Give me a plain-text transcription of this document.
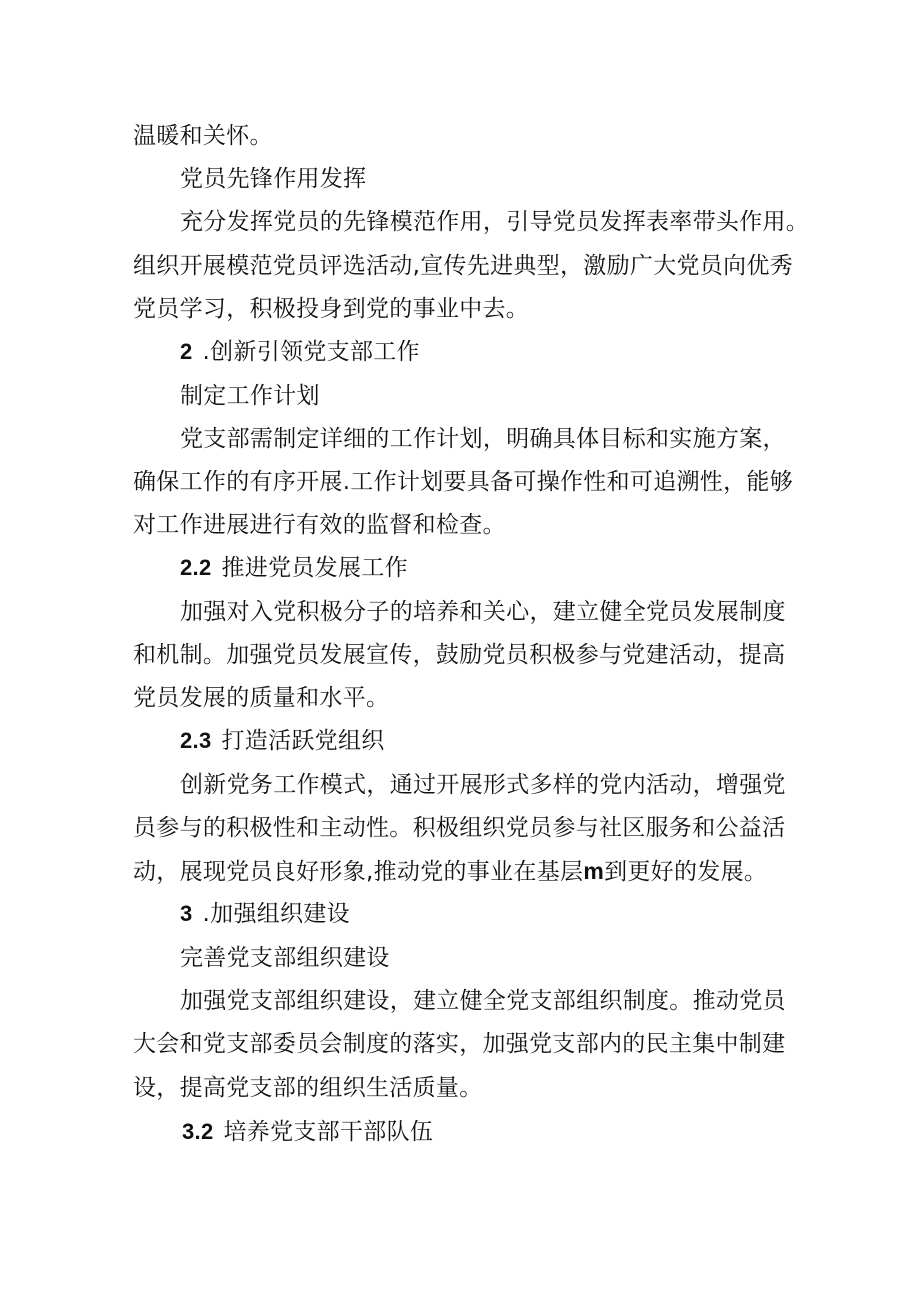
温暖和关怀。
党员先锋作用发挥
充分发挥党员的先锋模范作用，引导党员发挥表率带头作用。
组织开展模范党员评选活动,宣传先进典型，激励广大党员向优秀
党员学习，积极投身到党的事业中去。
2 .创新引领党支部工作
制定工作计划
党支部需制定详细的工作计划，明确具体目标和实施方案，
确保工作的有序开展.工作计划要具备可操作性和可追溯性，能够
对工作进展进行有效的监督和检查。
2.2 推进党员发展工作
加强对入党积极分子的培养和关心，建立健全党员发展制度
和机制。加强党员发展宣传，鼓励党员积极参与党建活动，提高
党员发展的质量和水平。
2.3 打造活跃党组织
创新党务工作模式，通过开展形式多样的党内活动，增强党
员参与的积极性和主动性。积极组织党员参与社区服务和公益活
动，展现党员良好形象,推动党的事业在基层m到更好的发展。
3 .加强组织建设
完善党支部组织建设
加强党支部组织建设，建立健全党支部组织制度。推动党员
大会和党支部委员会制度的落实，加强党支部内的民主集中制建
设，提高党支部的组织生活质量。
3.2 培养党支部干部队伍
